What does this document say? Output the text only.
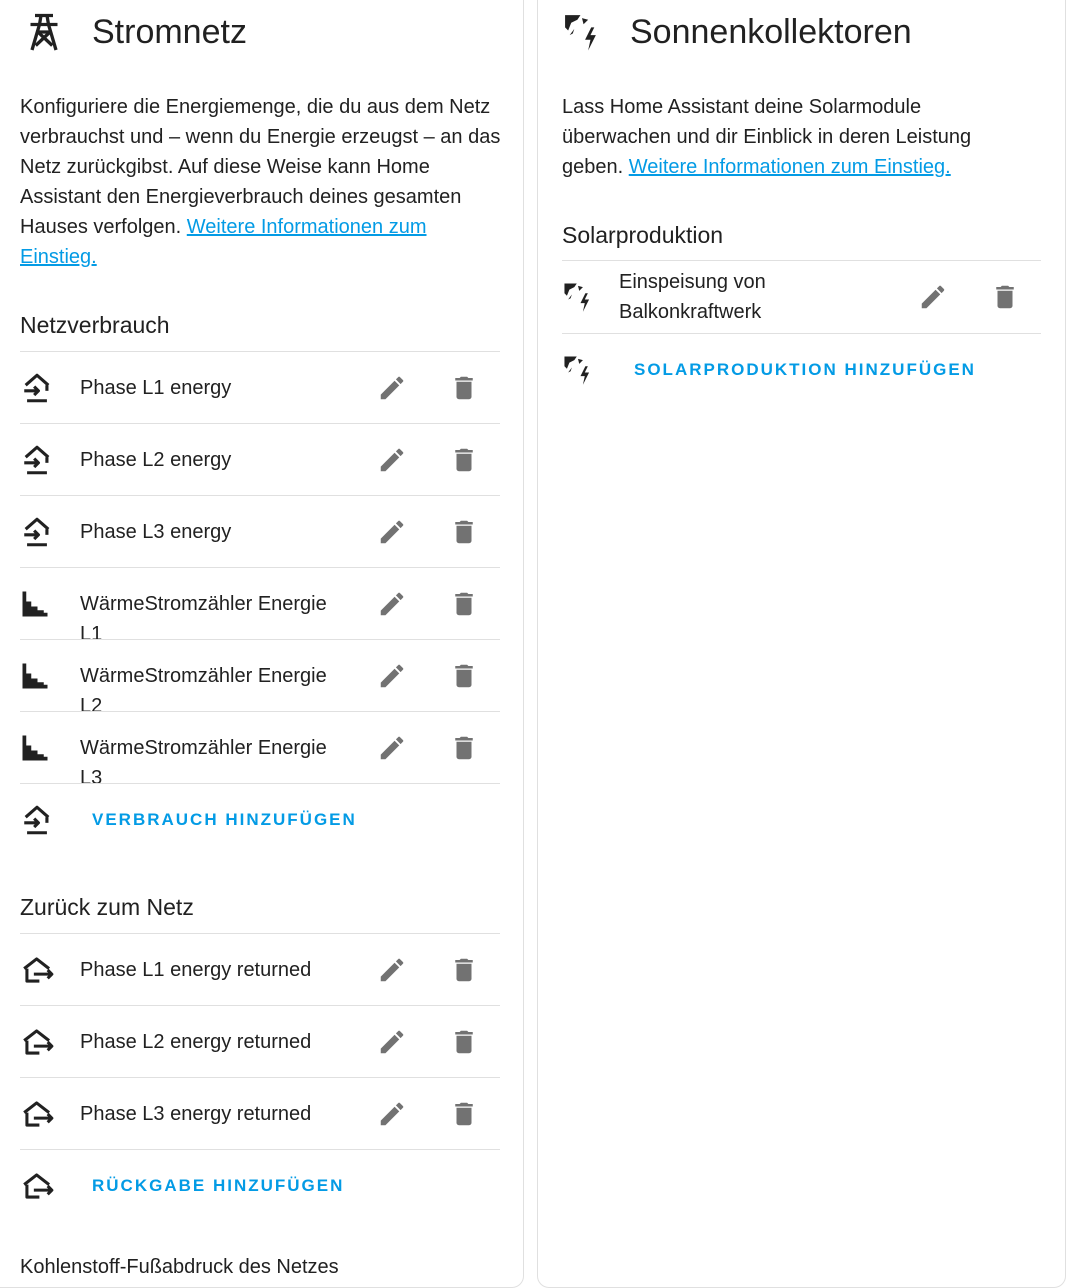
Stromnetz
Konfiguriere die Energiemenge, die du aus dem Netz verbrauchst und – wenn du Energie erzeugst – an das Netz zurückgibst. Auf diese Weise kann Home Assistant den Energieverbrauch deines gesamten Hauses verfolgen. Weitere Informationen zum Einstieg.
Netzverbrauch
Phase L1 energy
Phase L2 energy
Phase L3 energy
WärmeStromzähler Energie L1
WärmeStromzähler Energie L2
WärmeStromzähler Energie L3
VERBRAUCH HINZUFÜGEN
Zurück zum Netz
Phase L1 energy returned
Phase L2 energy returned
Phase L3 energy returned
RÜCKGABE HINZUFÜGEN
Kohlenstoff-Fußabdruck des Netzes
Sonnenkollektoren
Lass Home Assistant deine Solarmodule überwachen und dir Einblick in deren Leistung geben. Weitere Informationen zum Einstieg.
Solarproduktion
Einspeisung von Balkonkraftwerk
SOLARPRODUKTION HINZUFÜGEN
